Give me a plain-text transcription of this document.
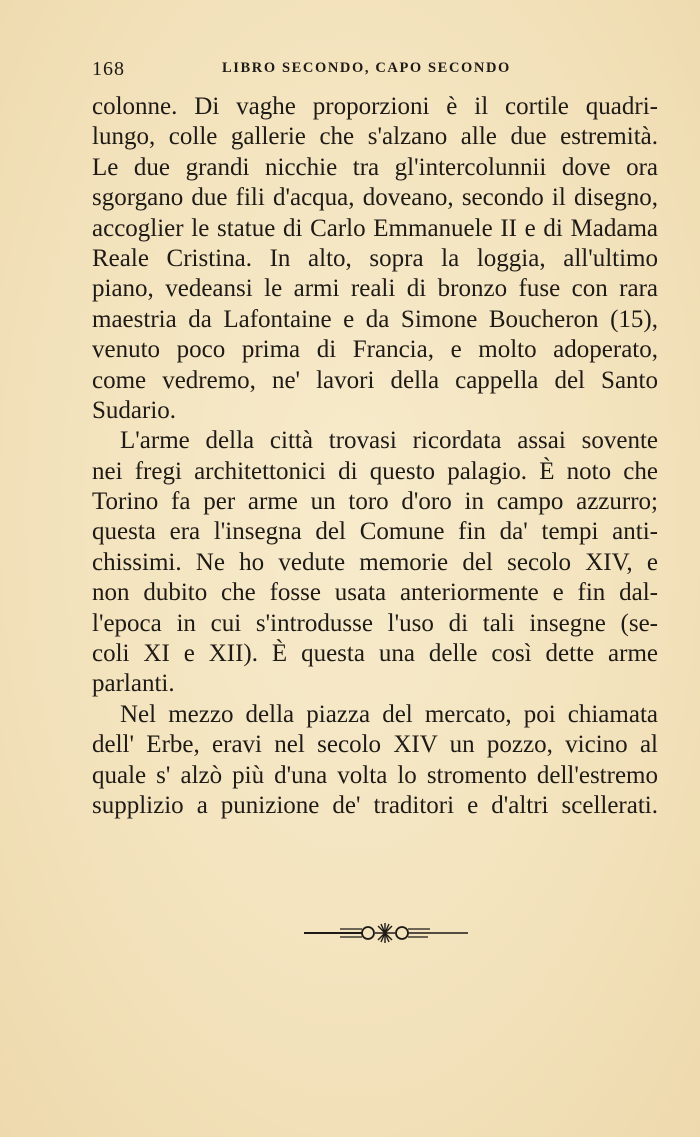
168	LIBRO SECONDO, CAPO SECONDO
colonne. Di vaghe proporzioni è il cortile quadri-
lungo, colle gallerie che s'alzano alle due estremità.
Le due grandi nicchie tra gl'intercolunnii dove ora
sgorgano due fili d'acqua, doveano, secondo il disegno,
accoglier le statue di Carlo Emmanuele II e di Madama
Reale Cristina. In alto, sopra la loggia, all'ultimo
piano, vedeansi le armi reali di bronzo fuse con rara
maestria da Lafontaine e da Simone Boucheron (15),
venuto poco prima di Francia, e molto adoperato,
come vedremo, ne' lavori della cappella del Santo
Sudario.
L'arme della città trovasi ricordata assai sovente
nei fregi architettonici di questo palagio. È noto che
Torino fa per arme un toro d'oro in campo azzurro;
questa era l'insegna del Comune fin da' tempi anti-
chissimi. Ne ho vedute memorie del secolo XIV, e
non dubito che fosse usata anteriormente e fin dal-
l'epoca in cui s'introdusse l'uso di tali insegne (se-
coli XI e XII). È questa una delle così dette arme
parlanti.
Nel mezzo della piazza del mercato, poi chiamata
dell' Erbe, eravi nel secolo XIV un pozzo, vicino al
quale s' alzò più d'una volta lo stromento dell'estremo
supplizio a punizione de' traditori e d'altri scellerati.
